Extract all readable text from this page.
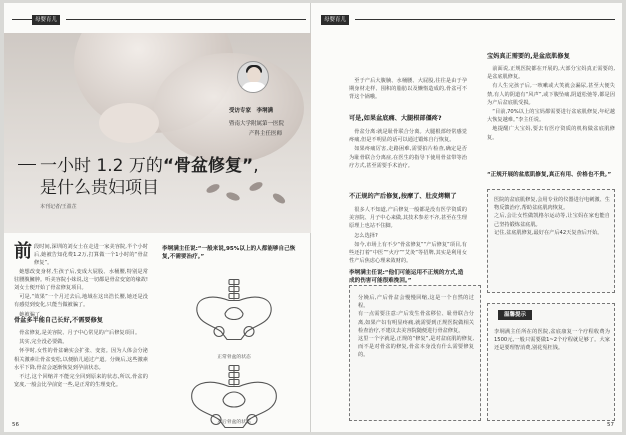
母婴育儿
受访专家　李垌满
暨南大学附属第一医院
产科主任医师
一小时 1.2 万的“骨盆修复”,
是什么贵妇项目
本刊记者/王盈芷
前段时间,深圳的刘女士在走进一家美容院,半个小时后,她被告知花费1.2万,打算做一个1小时的“骨盆修复”。

她想改变身材,生孩子后,变成大屁股、水桶腰,特别是常驻腰腹臃肿。听美容院小妹说,这一切都是骨盆变宽的缘故!刘女士便开始了骨盆修复项目。

可是,“效果”一个月过去后,地域在这出浩长腰,她还是没有感觉到变化,只能当做被骗了。

她被骗了。

骨盆多半能自己长好,不需要修复

骨盆修复,是美容院、月子中心常见的产后修复项目。

其实,完全没必要做。

怀孕时,女性的骨盆确实会扩张、变宽。因为人体会分泌相关激素让骨盆变松,以便胎儿通过产道。分娩后,这些激素水平下降,骨盆会逐渐恢复到孕前状态。

不过,这个回缩并不能完全回到原来的状态,所以,骨盆的宽度,一般会比孕前宽一些,是正常的生理变化。

李垌满主任说:“一般来说,95%以上的人都能够自己恢复,不需要治疗。”
正常骨盆的状态
产后骨盆的状态
56
母婴育儿

至于产后大腹腩、水桶腰、大屁股,往往是由于孕期身材走样、囤积的脂肪以及懒惰造成的,骨盆可不背这个锅哦。

可是,如果盆底痛、大腿根部僵疼?

骨盆分离:就是耻骨联合分离。大腿根部经常感觉疼痛,但是不明显的话可以通过锻炼自行恢复。

如果疼痛厉害,走路困难,需要拍片检查,确定是否为耻骨联合分离症,在医生的指导下使用骨盆带等治疗方式,甚至需要手术治疗。

不正规的产后修复,按摩了、肚皮烤糊了

很多人不知道,产后修复一般都是没有医学资质的美容院、月子中心来做,其技术参差不齐,甚至在生理原理上也站不住脚。

怎么选择?

如今,市场上有不少“骨盆修复”“产后修复”项目,有些还打着“中医”“火疗”“艾灸”等招牌,其实是利用女性产后焦虑心理来敛财的。

李垌满主任说:“他们可能运用不正规的方式,造成的伤害可能很难挽回。”

分娩后,产后骨盆会慢慢回缩,这是一个自然的过程。

有一点需要注意:产后发生骨盆移位、耻骨联合分离,如果产妇有明显疼痛,就需要到正规医院做相关检查治疗,不建议去美容院随便进行骨盆修复。

这里一个字就是,正规的“修复”,是对盆底肌的修复,而不是对骨盆的修复,骨盆本身没有什么需要修复的。

宝妈真正需要的,是盆底肌修复

前面说,正规医院都在开展的,大部分宝妈真正需要的,是盆底肌修复。

有人生完孩子后,一咳嗽或大笑就会漏尿,甚至大便失禁,有人的阴道有“风声”,或下腹坠痛,阴道松弛等,都是因为产后盆底肌受损。

“目前,70%以上的宝妈都需要进行盆底肌修复,年纪越大恢复越难。”李主任说。

地提醒广大宝妈,要去有医疗资质的机构做盆底肌修复。

“正规开展的盆底肌修复,真正有用、价格也不贵。”

医院的盆底肌修复,会用专业的仪器进行电刺激、生物反馈治疗,帮助盆底肌肉恢复。

之后,会让女性做凯格尔运动等,让宝妈在家也能自己坚持锻炼盆底肌。

记住,盆底肌修复,最好在产后42天复查后开始。

温馨提示
李垌满主任所在的医院,盆底康复一个疗程收费为1500元,一般只需要做1~2个疗程就足够了。大家还是要理智消费,别花冤枉钱。
57
